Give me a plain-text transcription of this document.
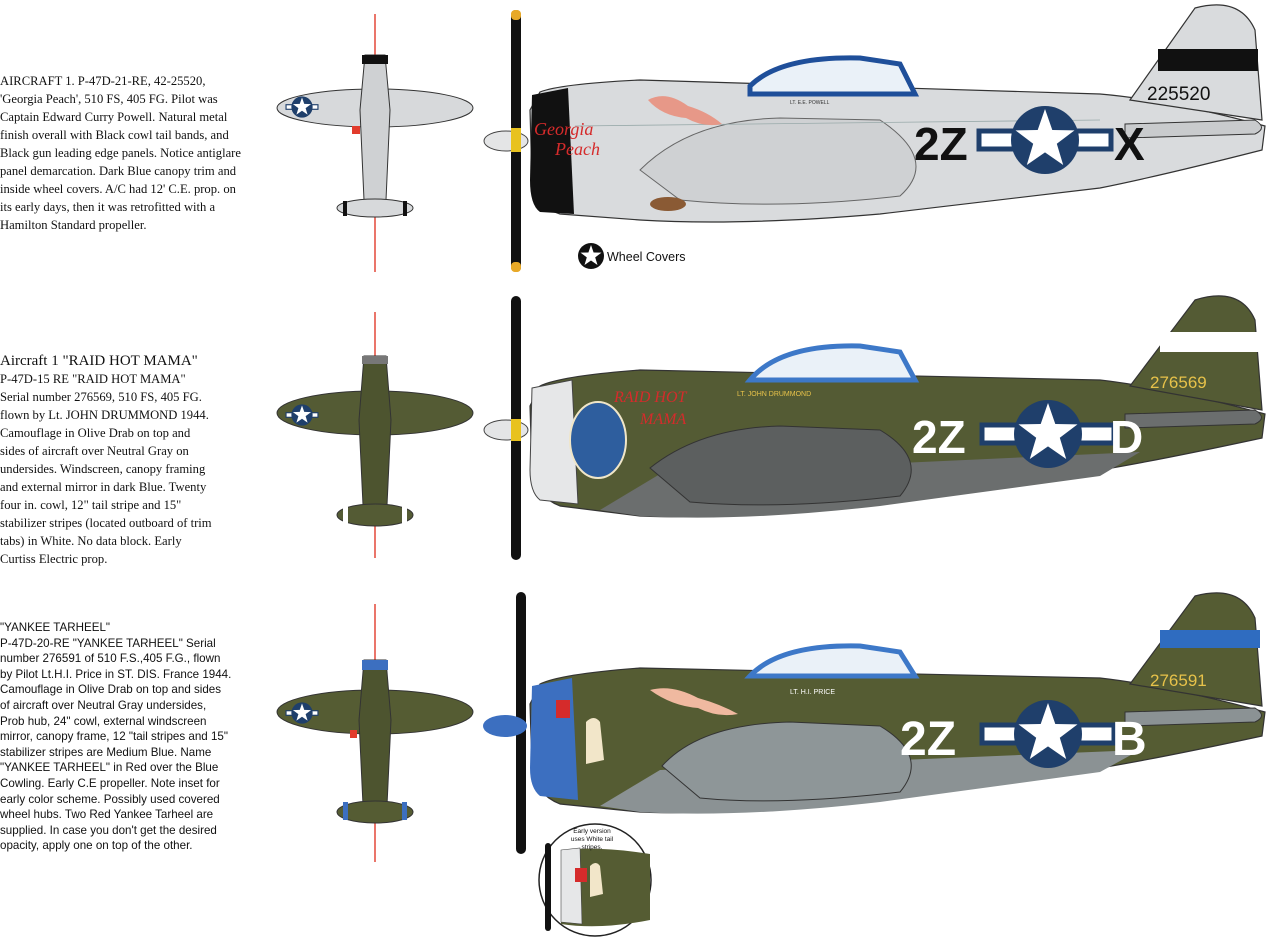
AIRCRAFT 1. P-47D-21-RE, 42-25520,

'Georgia Peach', 510 FS, 405 FG. Pilot was

Captain Edward Curry Powell. Natural metal

finish overall with Black cowl tail bands, and

Black gun leading edge panels. Notice antiglare

panel demarcation. Dark Blue canopy trim and

inside wheel covers. A/C had 12' C.E. prop. on

its early days, then it was retrofitted with a

Hamilton Standard propeller.

Aircraft 1 "RAID HOT MAMA"

P-47D-15 RE "RAID HOT MAMA"

Serial number 276569, 510 FS, 405 FG.

flown by Lt. JOHN DRUMMOND 1944.

Camouflage in Olive Drab on top and

sides of aircraft over Neutral Gray on

undersides. Windscreen, canopy framing

and external mirror in dark Blue. Twenty

four in. cowl, 12" tail stripe and 15"

stabilizer stripes (located outboard of trim

tabs) in White. No data block. Early

Curtiss Electric prop.

"YANKEE TARHEEL"

P-47D-20-RE "YANKEE TARHEEL" Serial

number 276591 of 510 F.S.,405 F.G., flown

by Pilot Lt.H.I. Price in ST. DIS. France 1944.

Camouflage in Olive Drab on top and sides

of aircraft over Neutral Gray undersides,

Prob hub, 24" cowl, external windscreen

mirror, canopy frame, 12 "tail stripes and 15"

stabilizer stripes are Medium Blue. Name

"YANKEE TARHEEL" in Red over the Blue

Cowling. Early C.E propeller. Note inset for

early color scheme. Possibly used covered

wheel hubs. Two Red Yankee Tarheel are

supplied. In case you don't get the desired

opacity, apply one on top of the other.

Georgia
Peach
LT. E.E. POWELL
2Z	X
225520
Wheel Covers
RAID HOT
MAMA
LT. JOHN DRUMMOND
2Z	D
276569
LT. H.I. PRICE
2Z	B
276591
Early version
uses White tail
stripes.
